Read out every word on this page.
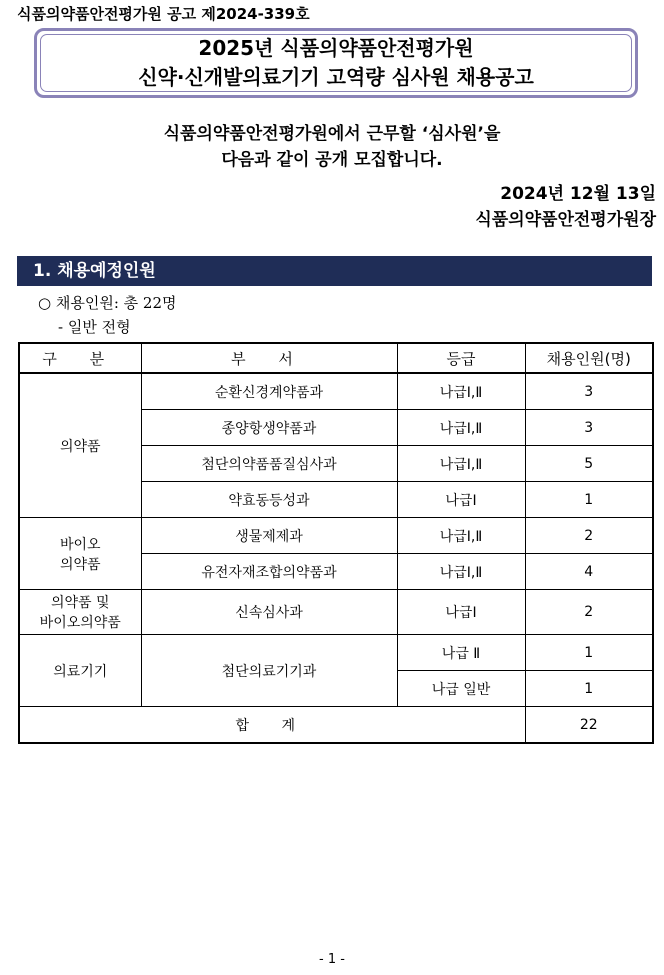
식품의약품안전평가원 공고 제2024-339호
2025년 식품의약품안전평가원
신약·신개발의료기기 고역량 심사원 채용공고
식품의약품안전평가원에서 근무할 ‘심사원’을
다음과 같이 공개 모집합니다.
2024년 12월 13일
식품의약품안전평가원장
1. 채용예정인원
○ 채용인원: 총 22명
- 일반 전형
구 분	부 서	등급	채용인원(명)
의약품	순환신경계약품과	나급Ⅰ,Ⅱ	3
	종양항생약품과	나급Ⅰ,Ⅱ	3
	첨단의약품품질심사과	나급Ⅰ,Ⅱ	5
	약효동등성과	나급Ⅰ	1

바이오
의약품	생물제제과	나급Ⅰ,Ⅱ	2
	유전자재조합의약품과	나급Ⅰ,Ⅱ	4

의약품 및
바이오의약품	신속심사과	나급Ⅰ	2
의료기기	첨단의료기기과	나급 Ⅱ	1
		나급 일반	1
합 계			22
- 1 -
